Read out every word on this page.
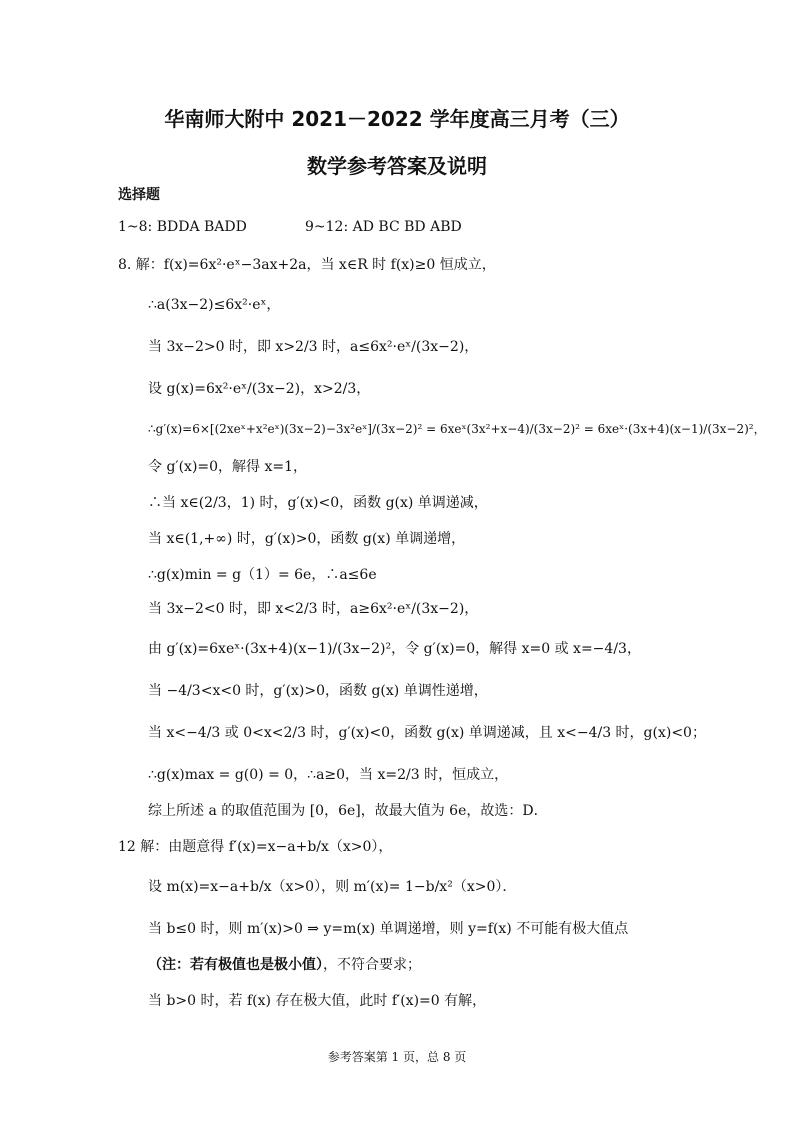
华南师大附中 2021－2022 学年度高三月考（三）
数学参考答案及说明
选择题
1~8: BDDA BADD	9~12: AD BC BD ABD
8. 解：f(x)=6x²·eˣ−3ax+2a，当 x∈R 时 f(x)≥0 恒成立，
∴a(3x−2)≤6x²·eˣ，
当 3x−2>0 时，即 x>2/3 时，a≤6x²·eˣ/(3x−2)，
设 g(x)=6x²·eˣ/(3x−2)，x>2/3，
∴g′(x)=6×[(2xeˣ+x²eˣ)(3x−2)−3x²eˣ]/(3x−2)² = 6xeˣ(3x²+x−4)/(3x−2)² = 6xeˣ·(3x+4)(x−1)/(3x−2)²，
令 g′(x)=0，解得 x=1，
∴当 x∈(2/3，1) 时，g′(x)<0，函数 g(x) 单调递减，
当 x∈(1,+∞) 时，g′(x)>0，函数 g(x) 单调递增，
∴g(x)min = g（1）= 6e，∴a≤6e
当 3x−2<0 时，即 x<2/3 时，a≥6x²·eˣ/(3x−2)，
由 g′(x)=6xeˣ·(3x+4)(x−1)/(3x−2)²，令 g′(x)=0，解得 x=0 或 x=−4/3，
当 −4/3<x<0 时，g′(x)>0，函数 g(x) 单调性递增，
当 x<−4/3 或 0<x<2/3 时，g′(x)<0，函数 g(x) 单调递减，且 x<−4/3 时，g(x)<0；
∴g(x)max = g(0) = 0，∴a≥0，当 x=2/3 时，恒成立，
综上所述 a 的取值范围为 [0，6e]，故最大值为 6e，故选：D．
12 解：由题意得 f′(x)=x−a+b/x（x>0），
设 m(x)=x−a+b/x（x>0），则 m′(x)= 1−b/x²（x>0）．
当 b≤0 时，则 m′(x)>0 ⇒ y=m(x) 单调递增，则 y=f(x) 不可能有极大值点
（注：若有极值也是极小值），不符合要求；
当 b>0 时，若 f(x) 存在极大值，此时 f′(x)=0 有解，
参考答案第 1 页，总 8 页
